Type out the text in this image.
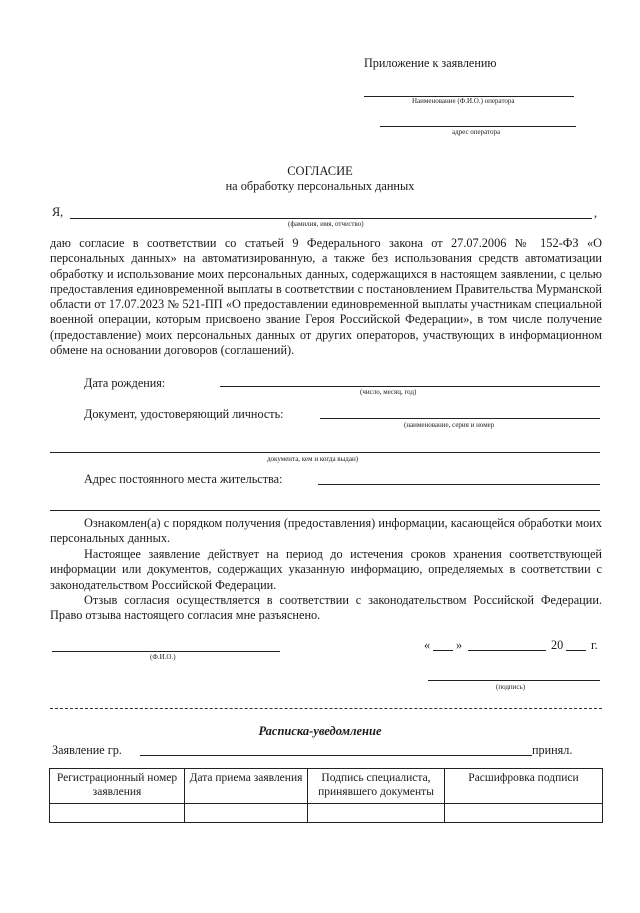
Приложение к заявлению
Наименование (Ф.И.О.) оператора
адрес оператора
СОГЛАСИЕ
на обработку персональных данных
Я,	,
(фамилия, имя, отчество)
даю согласие в соответствии со статьей 9 Федерального закона от 27.07.2006 № 152-ФЗ «О персональных данных» на автоматизированную, а также без использования средств автоматизации обработку и использование моих персональных данных, содержащихся в настоящем заявлении, с целью предоставления единовременной выплаты в соответствии с постановлением Правительства Мурманской области от 17.07.2023 № 521-ПП «О предоставлении единовременной выплаты участникам специальной военной операции, которым присвоено звание Героя Российской Федерации», в том числе получение (предоставление) моих персональных данных от других операторов, участвующих в информационном обмене на основании договоров (соглашений).
Дата рождения:
(число, месяц, год)
Документ, удостоверяющий личность:
(наименование, серия и номер
документа, кем и когда выдан)
Адрес постоянного места жительства:
Ознакомлен(а) с порядком получения (предоставления) информации, касающейся обработки моих персональных данных.
Настоящее заявление действует на период до истечения сроков хранения соответствующей информации или документов, содержащих указанную информацию, определяемых в соответствии с законодательством Российской Федерации.
Отзыв согласия осуществляется в соответствии с законодательством Российской Федерации. Право отзыва настоящего согласия мне разъяснено.
(Ф.И.О.)
« »	20 г.
(подпись)
Расписка-уведомление
Заявление гр.	принял.
Регистрационный номер заявления	Дата приема заявления	Подпись специалиста, принявшего документы	Расшифровка подписи
